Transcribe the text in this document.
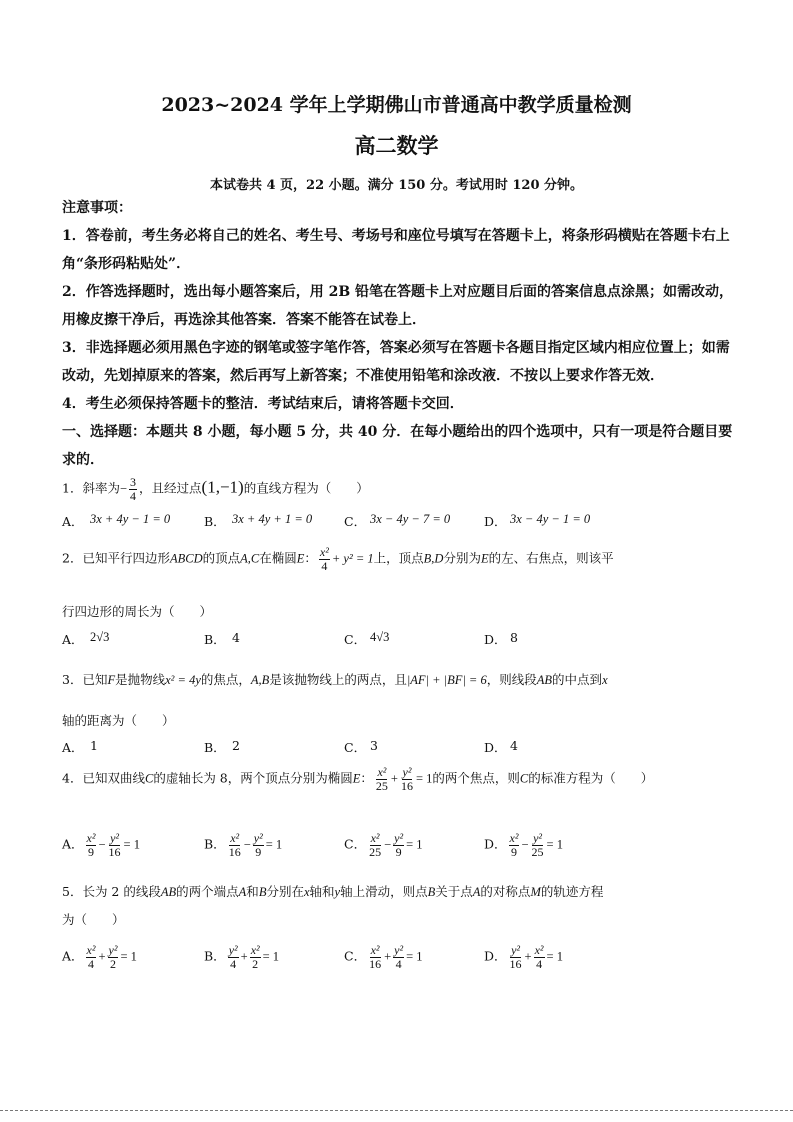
2023~2024 学年上学期佛山市普通高中教学质量检测
高二数学
本试卷共 4 页，22 小题。满分 150 分。考试用时 120 分钟。
注意事项：
1．答卷前，考生务必将自己的姓名、考生号、考场号和座位号填写在答题卡上，将条形码横贴在答题卡右上角“条形码粘贴处”．
2．作答选择题时，选出每小题答案后，用 2B 铅笔在答题卡上对应题目后面的答案信息点涂黑；如需改动，用橡皮擦干净后，再选涂其他答案．答案不能答在试卷上．
3．非选择题必须用黑色字迹的钢笔或签字笔作答，答案必须写在答题卡各题目指定区域内相应位置上；如需改动，先划掉原来的答案，然后再写上新答案；不准使用铅笔和涂改液．不按以上要求作答无效．
4．考生必须保持答题卡的整洁．考试结束后，请将答题卡交回．
一、选择题：本题共 8 小题，每小题 5 分，共 40 分．在每小题给出的四个选项中，只有一项是符合题目要求的．
1．斜率为− $\frac{3}{4}$ ，且经过点(1,−1)的直线方程为（　　）
A． 3x + 4y − 1 = 0	B． 3x + 4y + 1 = 0	C． 3x − 4y − 7 = 0	D． 3x − 4y − 1 = 0
2．已知平行四边形ABCD的顶点A,C在椭圆E： $\frac{\text{x²}}{4} + y^2 = 1$上，顶点B,D分别为E的左、右焦点，则该平
行四边形的周长为（　　）
A． 2√3	B． 4	C． 4√3	D． 8
3．已知F是抛物线x² = 4y的焦点，A,B是该抛物线上的两点，且|AF| + |BF| = 6，则线段AB的中点到x
轴的距离为（　　）
A． 1	B． 2	C． 3	D． 4
4．已知双曲线C的虚轴长为 8，两个顶点分别为椭圆E： $\frac{\text{x²}}{25} + \frac{\text{y²}}{16} = 1$的两个焦点，则C的标准方程为（　　）
A． $\frac{\text{x²}}{9} - \frac{\text{y²}}{16} = 1$	B． $\frac{\text{x²}}{16} - \frac{\text{y²}}{9} = 1$	C． $\frac{\text{x²}}{25} - \frac{\text{y²}}{9} = 1$	D． $\frac{\text{x²}}{9} - \frac{\text{y²}}{25} = 1$
5．长为 2 的线段AB的两个端点A和B分别在x轴和y轴上滑动，则点B关于点A的对称点M的轨迹方程
为（　　）
A． $\frac{\text{x²}}{4} + \frac{\text{y²}}{2} = 1$	B． $\frac{\text{y²}}{4} + \frac{\text{x²}}{2} = 1$	C． $\frac{\text{x²}}{16} + \frac{\text{y²}}{4} = 1$	D． $\frac{\text{y²}}{16} + \frac{\text{x²}}{4} = 1$
